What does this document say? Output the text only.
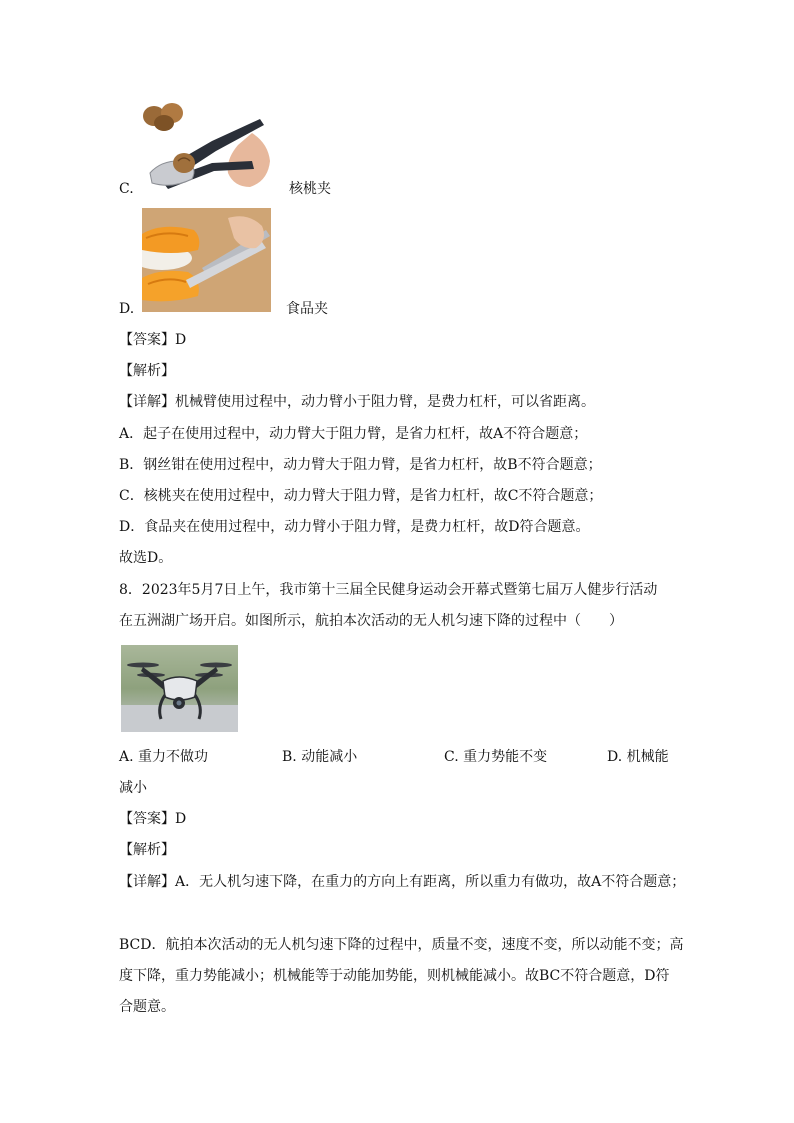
C.	核桃夹
D.	食品夹
【答案】D
【解析】
【详解】机械臂使用过程中，动力臂小于阻力臂，是费力杠杆，可以省距离。
A．起子在使用过程中，动力臂大于阻力臂，是省力杠杆，故A不符合题意；
B．钢丝钳在使用过程中，动力臂大于阻力臂，是省力杠杆，故B不符合题意；
C．核桃夹在使用过程中，动力臂大于阻力臂，是省力杠杆，故C不符合题意；
D．食品夹在使用过程中，动力臂小于阻力臂，是费力杠杆，故D符合题意。
故选D。
8．2023年5月7日上午，我市第十三届全民健身运动会开幕式暨第七届万人健步行活动
在五洲湖广场开启。如图所示，航拍本次活动的无人机匀速下降的过程中（　　）
A. 重力不做功	B. 动能减小	C. 重力势能不变	D. 机械能
减小
【答案】D
【解析】
【详解】A．无人机匀速下降，在重力的方向上有距离，所以重力有做功，故A不符合题意；
BCD．航拍本次活动的无人机匀速下降的过程中，质量不变，速度不变，所以动能不变；高
度下降，重力势能减小；机械能等于动能加势能，则机械能减小。故BC不符合题意，D符
合题意。
